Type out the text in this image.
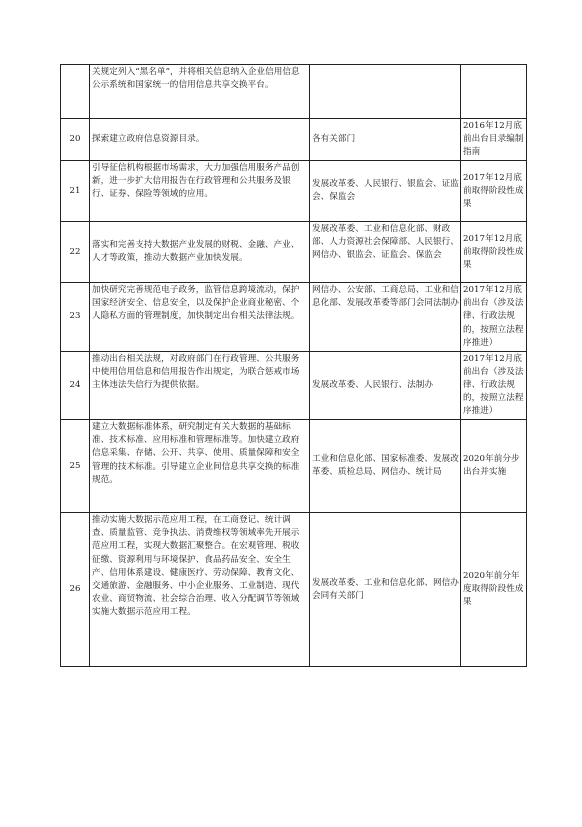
	关规定列入“黑名单”，并将相关信息纳入企业信用信息公示系统和国家统一的信用信息共享交换平台。		
20	探索建立政府信息资源目录。	各有关部门	2016年12月底前出台目录编制指南
21	引导征信机构根据市场需求，大力加强信用服务产品创新，进一步扩大信用报告在行政管理和公共服务及银行、证券、保险等领域的应用。	发展改革委、人民银行、银监会、证监会、保监会	2017年12月底前取得阶段性成果
22	落实和完善支持大数据产业发展的财税、金融、产业、人才等政策，推动大数据产业加快发展。	发展改革委、工业和信息化部、财政部、人力资源社会保障部、人民银行、网信办、银监会、证监会、保监会	2017年12月底前取得阶段性成果
23	加快研究完善规范电子政务，监管信息跨境流动，保护国家经济安全、信息安全，以及保护企业商业秘密、个人隐私方面的管理制度，加快制定出台相关法律法规。	网信办、公安部、工商总局、工业和信息化部、发展改革委等部门会同法制办	2017年12月底前出台（涉及法律、行政法规的，按照立法程序推进）
24	推动出台相关法规，对政府部门在行政管理、公共服务中使用信用信息和信用报告作出规定，为联合惩戒市场主体违法失信行为提供依据。	发展改革委、人民银行、法制办	2017年12月底前出台（涉及法律、行政法规的，按照立法程序推进）
25	建立大数据标准体系，研究制定有关大数据的基础标准、技术标准、应用标准和管理标准等。加快建立政府信息采集、存储、公开、共享、使用、质量保障和安全管理的技术标准。引导建立企业间信息共享交换的标准规范。	工业和信息化部、国家标准委、发展改革委、质检总局、网信办、统计局	2020年前分步出台并实施
26	推动实施大数据示范应用工程，在工商登记、统计调查、质量监管、竞争执法、消费维权等领域率先开展示范应用工程，实现大数据汇聚整合。在宏观管理、税收征缴、资源利用与环境保护、食品药品安全、安全生产、信用体系建设、健康医疗、劳动保障、教育文化、交通旅游、金融服务、中小企业服务、工业制造、现代农业、商贸物流、社会综合治理、收入分配调节等领域实施大数据示范应用工程。	发展改革委、工业和信息化部、网信办会同有关部门	2020年前分年度取得阶段性成果
